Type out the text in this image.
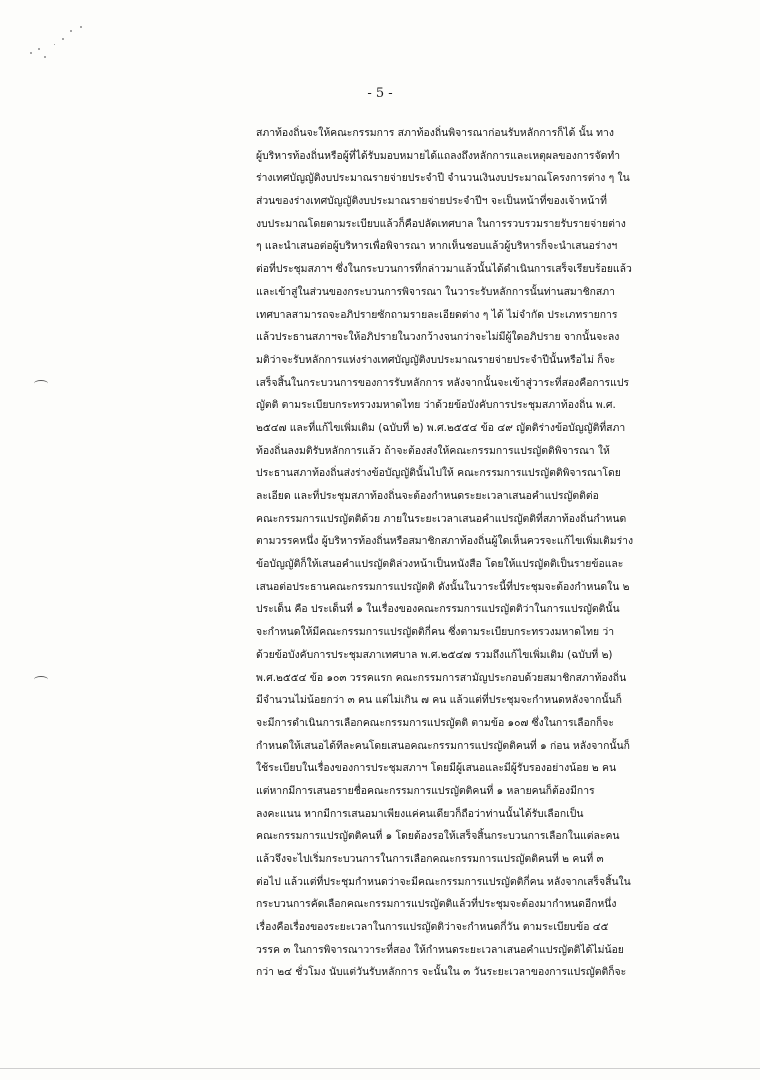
- 5 -
สภาท้องถิ่นจะให้คณะกรรมการ สภาท้องถิ่นพิจารณาก่อนรับหลักการก็ได้ นั้น ทาง
ผู้บริหารท้องถิ่นหรือผู้ที่ได้รับมอบหมายได้แถลงถึงหลักการและเหตุผลของการจัดทำ
ร่างเทศบัญญัติงบประมาณรายจ่ายประจำปี จำนวนเงินงบประมาณโครงการต่าง ๆ ใน
ส่วนของร่างเทศบัญญัติงบประมาณรายจ่ายประจำปีฯ จะเป็นหน้าที่ของเจ้าหน้าที่
งบประมาณโดยตามระเบียบแล้วก็คือปลัดเทศบาล ในการรวบรวมรายรับรายจ่ายต่าง
ๆ และนำเสนอต่อผู้บริหารเพื่อพิจารณา หากเห็นชอบแล้วผู้บริหารก็จะนำเสนอร่างฯ
ต่อที่ประชุมสภาฯ ซึ่งในกระบวนการที่กล่าวมาแล้วนั้นได้ดำเนินการเสร็จเรียบร้อยแล้ว
และเข้าสู่ในส่วนของกระบวนการพิจารณา ในวาระรับหลักการนั้นท่านสมาชิกสภา
เทศบาลสามารถจะอภิปรายซักถามรายละเอียดต่าง ๆ ได้ ไม่จำกัด ประเภทรายการ
แล้วประธานสภาฯจะให้อภิปรายในวงกว้างจนกว่าจะไม่มีผู้ใดอภิปราย จากนั้นจะลง
มติว่าจะรับหลักการแห่งร่างเทศบัญญัติงบประมาณรายจ่ายประจำปีนั้นหรือไม่ ก็จะ
เสร็จสิ้นในกระบวนการของการรับหลักการ หลังจากนั้นจะเข้าสู่วาระที่สองคือการแปร
ญัตติ ตามระเบียบกระทรวงมหาดไทย ว่าด้วยข้อบังคับการประชุมสภาท้องถิ่น พ.ศ.
๒๕๔๗ และที่แก้ไขเพิ่มเติม (ฉบับที่ ๒) พ.ศ.๒๕๕๔ ข้อ ๔๙ ญัตติร่างข้อบัญญัติที่สภา
ท้องถิ่นลงมติรับหลักการแล้ว ถ้าจะต้องส่งให้คณะกรรมการแปรญัตติพิจารณา ให้
ประธานสภาท้องถิ่นส่งร่างข้อบัญญัตินั้นไปให้ คณะกรรมการแปรญัตติพิจารณาโดย
ละเอียด และที่ประชุมสภาท้องถิ่นจะต้องกำหนดระยะเวลาเสนอคำแปรญัตติต่อ
คณะกรรมการแปรญัตติด้วย ภายในระยะเวลาเสนอคำแปรญัตติที่สภาท้องถิ่นกำหนด
ตามวรรคหนึ่ง ผู้บริหารท้องถิ่นหรือสมาชิกสภาท้องถิ่นผู้ใดเห็นควรจะแก้ไขเพิ่มเติมร่าง
ข้อบัญญัติก็ให้เสนอคำแปรญัตติล่วงหน้าเป็นหนังสือ โดยให้แปรญัตติเป็นรายข้อและ
เสนอต่อประธานคณะกรรมการแปรญัตติ ดังนั้นในวาระนี้ที่ประชุมจะต้องกำหนดใน ๒
ประเด็น คือ ประเด็นที่ ๑ ในเรื่องของคณะกรรมการแปรญัตติว่าในการแปรญัตตินั้น
จะกำหนดให้มีคณะกรรมการแปรญัตติกี่คน ซึ่งตามระเบียบกระทรวงมหาดไทย ว่า
ด้วยข้อบังคับการประชุมสภาเทศบาล พ.ศ.๒๕๔๗ รวมถึงแก้ไขเพิ่มเติม (ฉบับที่ ๒)
พ.ศ.๒๕๕๔ ข้อ ๑๐๓ วรรคแรก คณะกรรมการสามัญประกอบด้วยสมาชิกสภาท้องถิ่น
มีจำนวนไม่น้อยกว่า ๓ คน แต่ไม่เกิน ๗ คน แล้วแต่ที่ประชุมจะกำหนดหลังจากนั้นก็
จะมีการดำเนินการเลือกคณะกรรมการแปรญัตติ ตามข้อ ๑๐๗ ซึ่งในการเลือกก็จะ
กำหนดให้เสนอได้ทีละคนโดยเสนอคณะกรรมการแปรญัตติคนที่ ๑ ก่อน หลังจากนั้นก็
ใช้ระเบียบในเรื่องของการประชุมสภาฯ โดยมีผู้เสนอและมีผู้รับรองอย่างน้อย ๒ คน
แต่หากมีการเสนอรายชื่อคณะกรรมการแปรญัตติคนที่ ๑ หลายคนก็ต้องมีการ
ลงคะแนน หากมีการเสนอมาเพียงแค่คนเดียวก็ถือว่าท่านนั้นได้รับเลือกเป็น
คณะกรรมการแปรญัตติคนที่ ๑ โดยต้องรอให้เสร็จสิ้นกระบวนการเลือกในแต่ละคน
แล้วจึงจะไปเริ่มกระบวนการในการเลือกคณะกรรมการแปรญัตติคนที่ ๒ คนที่ ๓
ต่อไป แล้วแต่ที่ประชุมกำหนดว่าจะมีคณะกรรมการแปรญัตติกี่คน หลังจากเสร็จสิ้นใน
กระบวนการคัดเลือกคณะกรรมการแปรญัตติแล้วที่ประชุมจะต้องมากำหนดอีกหนึ่ง
เรื่องคือเรื่องของระยะเวลาในการแปรญัตติว่าจะกำหนดกี่วัน ตามระเบียบข้อ ๔๕
วรรค ๓ ในการพิจารณาวาระที่สอง ให้กำหนดระยะเวลาเสนอคำแปรญัตติได้ไม่น้อย
กว่า ๒๔ ชั่วโมง นับแต่วันรับหลักการ จะนั้นใน ๓ วันระยะเวลาของการแปรญัตติก็จะ
